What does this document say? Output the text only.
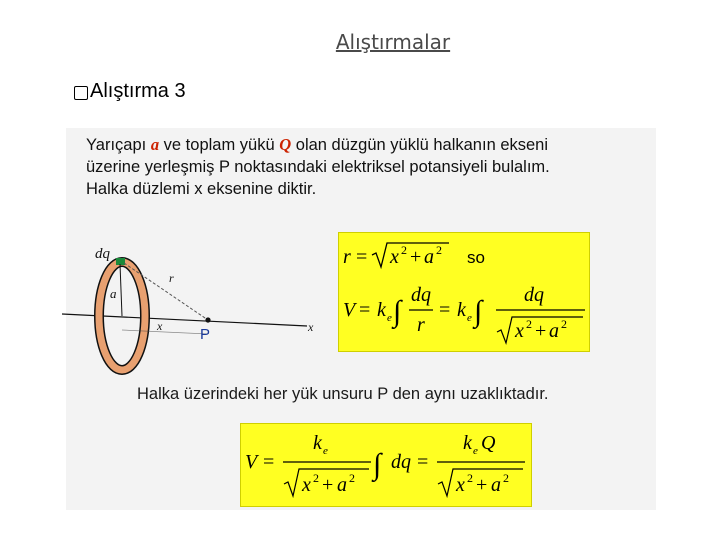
Alıştırmalar
Alıştırma 3
Yarıçapı a ve toplam yükü Q olan düzgün yüklü halkanın ekseni
üzerine yerleşmiş P noktasındaki elektriksel potansiyeli bulalım.
Halka düzlemi x eksenine diktir.
dq
a
r
x	x
P
r = x 2 + a 2 so
V = k e ∫ dq
r
= k e ∫ dq
x 2 + a 2
Halka üzerindeki her yük unsuru P den aynı uzaklıktadır.
V =
k e
x 2 + a 2 ∫ dq =
k e Q
x 2 + a 2
